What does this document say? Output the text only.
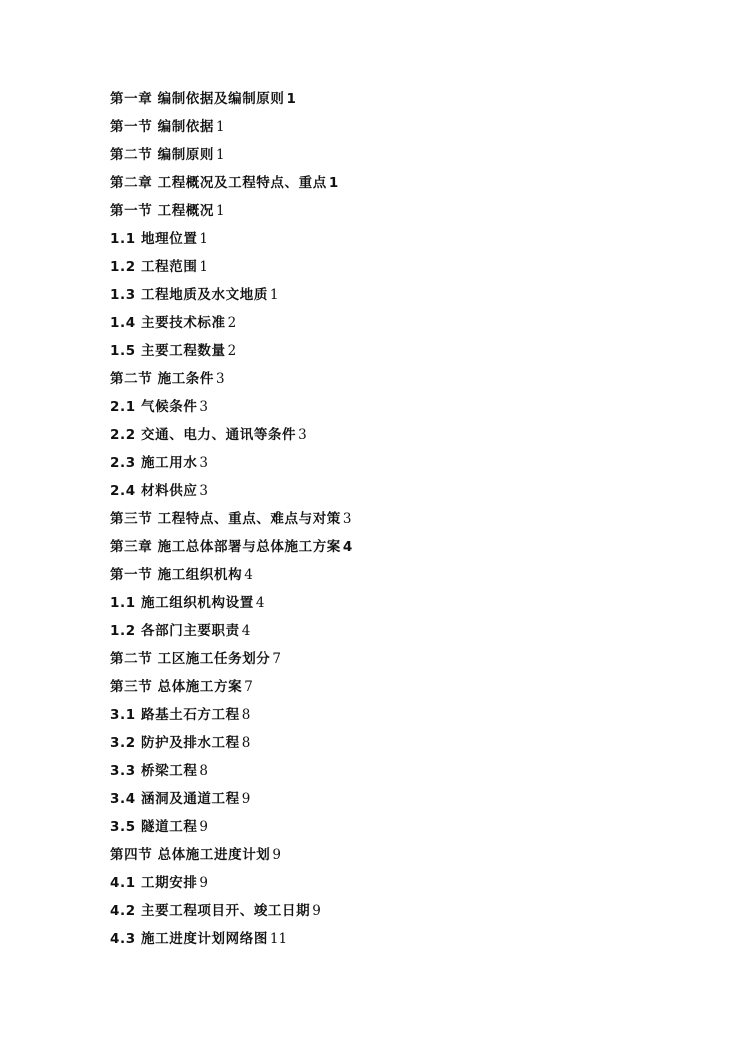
第一章 编制依据及编制原则 1
第一节 编制依据 1
第二节 编制原则 1
第二章 工程概况及工程特点、重点 1
第一节 工程概况 1
1.1 地理位置 1
1.2 工程范围 1
1.3 工程地质及水文地质 1
1.4 主要技术标准 2
1.5 主要工程数量 2
第二节 施工条件 3
2.1 气候条件 3
2.2 交通、电力、通讯等条件 3
2.3 施工用水 3
2.4 材料供应 3
第三节 工程特点、重点、难点与对策 3
第三章 施工总体部署与总体施工方案 4
第一节 施工组织机构 4
1.1 施工组织机构设置 4
1.2 各部门主要职责 4
第二节 工区施工任务划分 7
第三节 总体施工方案 7
3.1 路基土石方工程 8
3.2 防护及排水工程 8
3.3 桥梁工程 8
3.4 涵洞及通道工程 9
3.5 隧道工程 9
第四节 总体施工进度计划 9
4.1 工期安排 9
4.2 主要工程项目开、竣工日期 9
4.3 施工进度计划网络图 11
